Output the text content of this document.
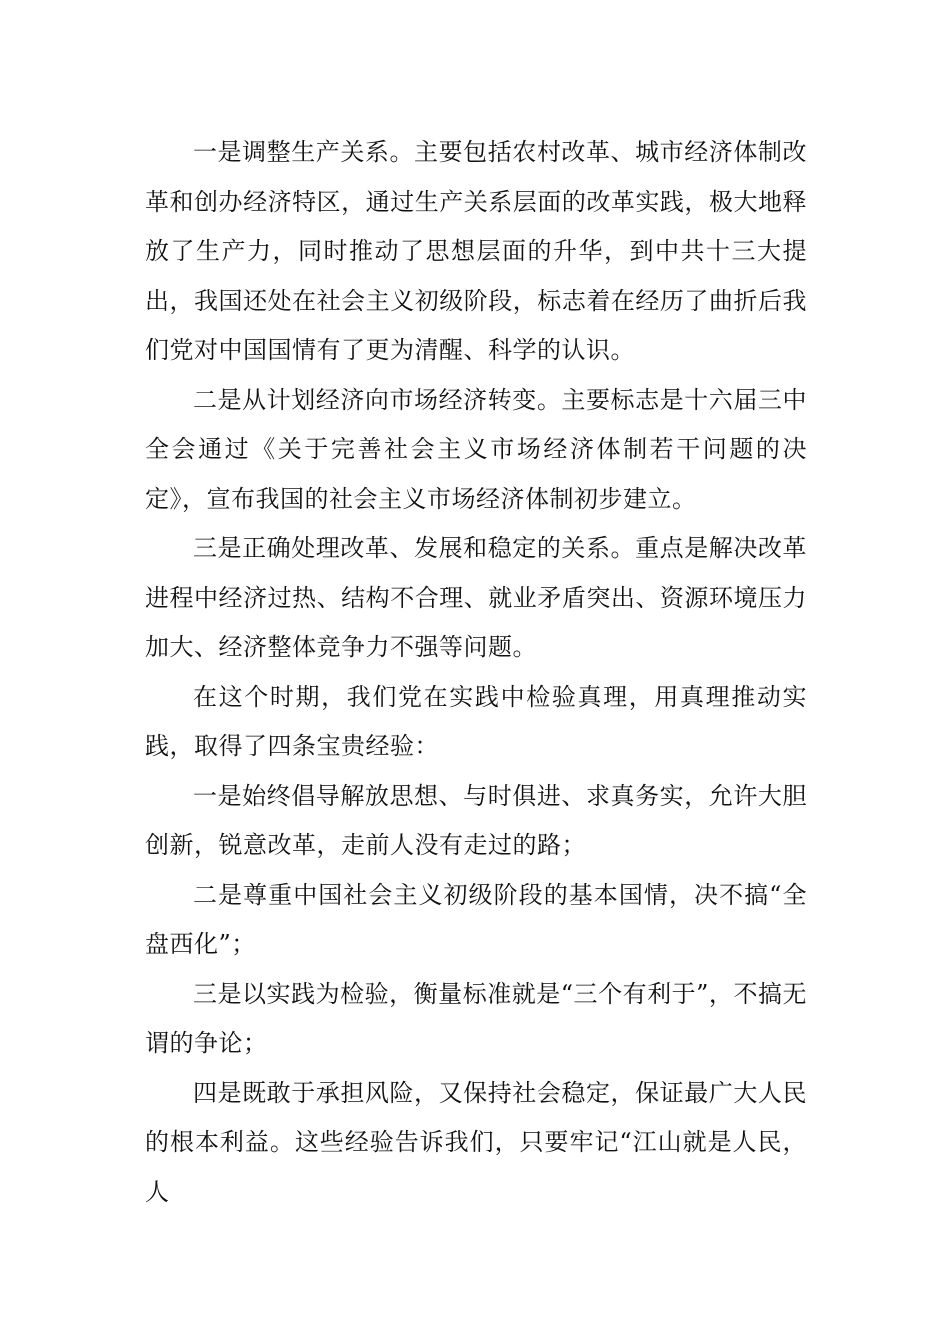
一是调整生产关系。主要包括农村改革、城市经济体制改革和创办经济特区，通过生产关系层面的改革实践，极大地释放了生产力，同时推动了思想层面的升华，到中共十三大提出，我国还处在社会主义初级阶段，标志着在经历了曲折后我们党对中国国情有了更为清醒、科学的认识。

二是从计划经济向市场经济转变。主要标志是十六届三中全会通过《关于完善社会主义市场经济体制若干问题的决定》，宣布我国的社会主义市场经济体制初步建立。

三是正确处理改革、发展和稳定的关系。重点是解决改革进程中经济过热、结构不合理、就业矛盾突出、资源环境压力加大、经济整体竞争力不强等问题。

在这个时期，我们党在实践中检验真理，用真理推动实践，取得了四条宝贵经验：

一是始终倡导解放思想、与时俱进、求真务实，允许大胆创新，锐意改革，走前人没有走过的路；

二是尊重中国社会主义初级阶段的基本国情，决不搞“全盘西化”；

三是以实践为检验，衡量标准就是“三个有利于”，不搞无谓的争论；

四是既敢于承担风险，又保持社会稳定，保证最广大人民的根本利益。这些经验告诉我们，只要牢记“江山就是人民，人
